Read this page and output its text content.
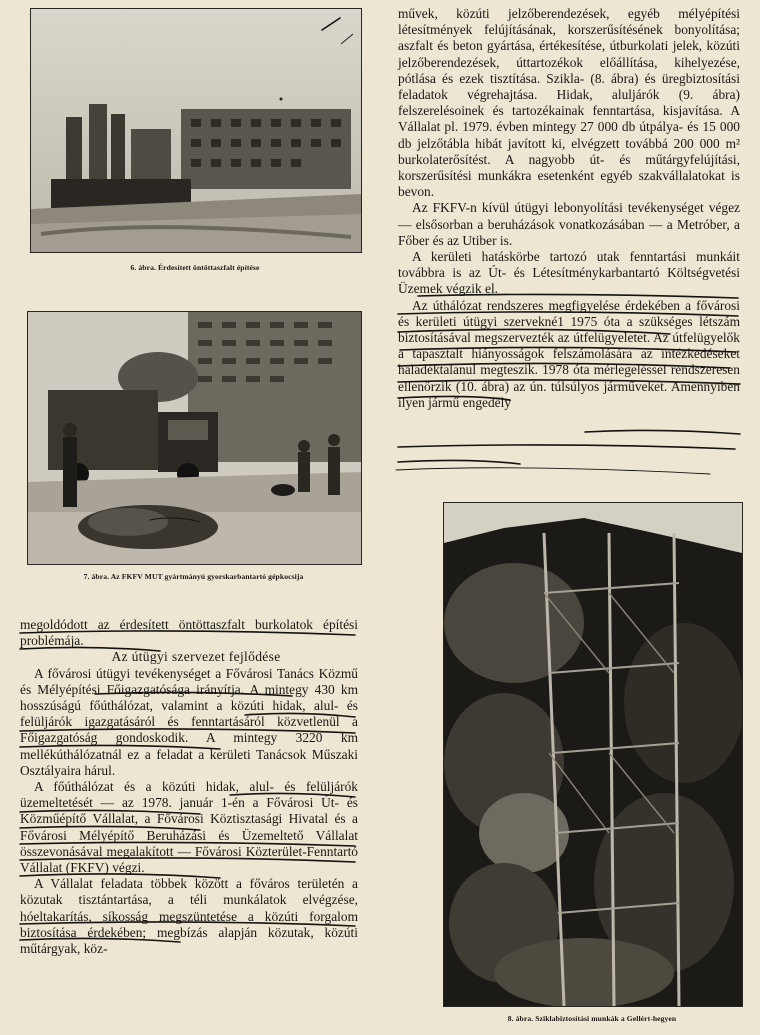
6. ábra. Érdesített öntöttaszfalt építése
7. ábra. Az FKFV MUT gyártmányú gyorskarbantartó gépkocsija
8. ábra. Sziklabiztosítási munkák a Gellért-hegyen

megoldódott az érdesített öntöttaszfalt burkolatok építési problémája.

Az útügyi szervezet fejlődése

A fővárosi útügyi tevékenységet a Fővárosi Tanács Közmű és Mélyépítési Főigazgatósága irányítja. A mintegy 430 km hosszúságú főúthálózat, valamint a közúti hidak, alul- és felüljárók igazgatásáról és fenntartásáról közvetlenül a Főigazgatóság gondoskodik. A mintegy 3220 km mellékúthálózatnál ez a feladat a kerületi Tanácsok Műszaki Osztályaira hárul.

A főúthálózat és a közúti hidak, alul- és felüljárók üzemeltetését — az 1978. január 1-én a Fővárosi Út- és Közműépítő Vállalat, a Fővárosi Köztisztasági Hivatal és a Fővárosi Mélyépítő Beruházási és Üzemeltető Vállalat összevonásával megalakított — Fővárosi Közterület-Fenntartó Vállalat (FKFV) végzi.

A Vállalat feladata többek között a főváros területén a közutak tisztántartása, a téli munkálatok elvégzése, hóeltakarítás, síkosság megszüntetése a közúti forgalom biztosítása érdekében; megbízás alapján közutak, közúti műtárgyak, köz-

művek, közúti jelzőberendezések, egyéb mélyépítési létesítmények felújításának, korszerűsítésének bonyolítása; aszfalt és beton gyártása, értékesítése, útburkolati jelek, közúti jelzőberendezések, úttartozékok előállítása, kihelyezése, pótlása és ezek tisztítása. Szikla- (8. ábra) és üregbiztosítási feladatok végrehajtása. Hidak, aluljárók (9. ábra) felszerelésoinek és tartozékainak fenntartása, kisjavítása. A Vállalat pl. 1979. évben mintegy 27 000 db útpálya- és 15 000 db jelzőtábla hibát javított ki, elvégzett továbbá 200 000 m² burkolaterősítést. A nagyobb út- és műtárgyfelújítási, korszerűsítési munkákra esetenként egyéb szakvállalatokat is bevon.

Az FKFV-n kívül útügyi lebonyolítási tevékenységet végez — elsősorban a beruházások vonatkozásában — a Metróber, a Főber és az Utiber is.

A kerületi hatáskörbe tartozó utak fenntartási munkáit továbbra is az Út- és Létesítménykarbantartó Költségvetési Üzemek végzik el.

Az úthálózat rendszeres megfigyelése érdekében a fővárosi és kerületi útügyi szervekné1 1975 óta a szükséges létszám biztosításával megszervezték az útfelügyeletet. Az útfelügyelők a tapasztalt hiányosságok felszámolására az intézkedéseket haladéktalanul megteszik. 1978 óta mérlegeléssel rendszeresen ellenőrzik (10. ábra) az ún. túlsúlyos járműveket. Amennyiben ilyen jármű engedély
